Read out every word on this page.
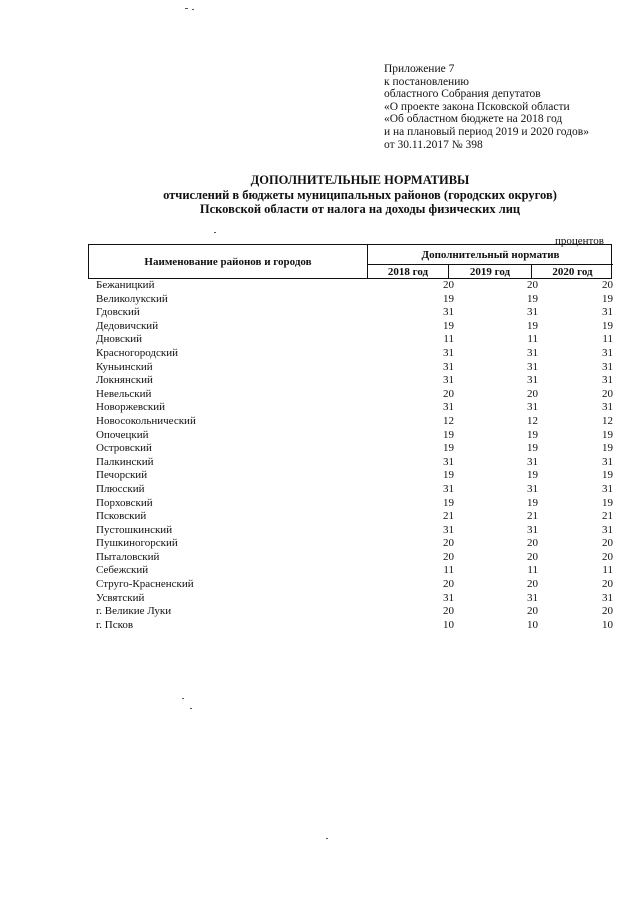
Приложение 7
к постановлению
областного Собрания депутатов
«О проекте закона Псковской области
«Об областном бюджете на 2018 год
и на плановый период 2019 и 2020 годов»
от 30.11.2017 № 398
ДОПОЛНИТЕЛЬНЫЕ НОРМАТИВЫ
отчислений в бюджеты муниципальных районов (городских округов)
Псковской области от налога на доходы физических лиц
процентов
Наименование районов и городов
Дополнительный норматив
2018 год	2019 год	2020 год
Бежаницкий	20	20	20
Великолукский	19	19	19
Гдовский	31	31	31
Дедовичский	19	19	19
Дновский	11	11	11
Красногородский	31	31	31
Куньинский	31	31	31
Локнянский	31	31	31
Невельский	20	20	20
Новоржевский	31	31	31
Новосокольнический	12	12	12
Опочецкий	19	19	19
Островский	19	19	19
Палкинский	31	31	31
Печорский	19	19	19
Плюсский	31	31	31
Порховский	19	19	19
Псковский	21	21	21
Пустошкинский	31	31	31
Пушкиногорский	20	20	20
Пыталовский	20	20	20
Себежский	11	11	11
Струго-Красненский	20	20	20
Усвятский	31	31	31
г. Великие Луки	20	20	20
г. Псков	10	10	10
